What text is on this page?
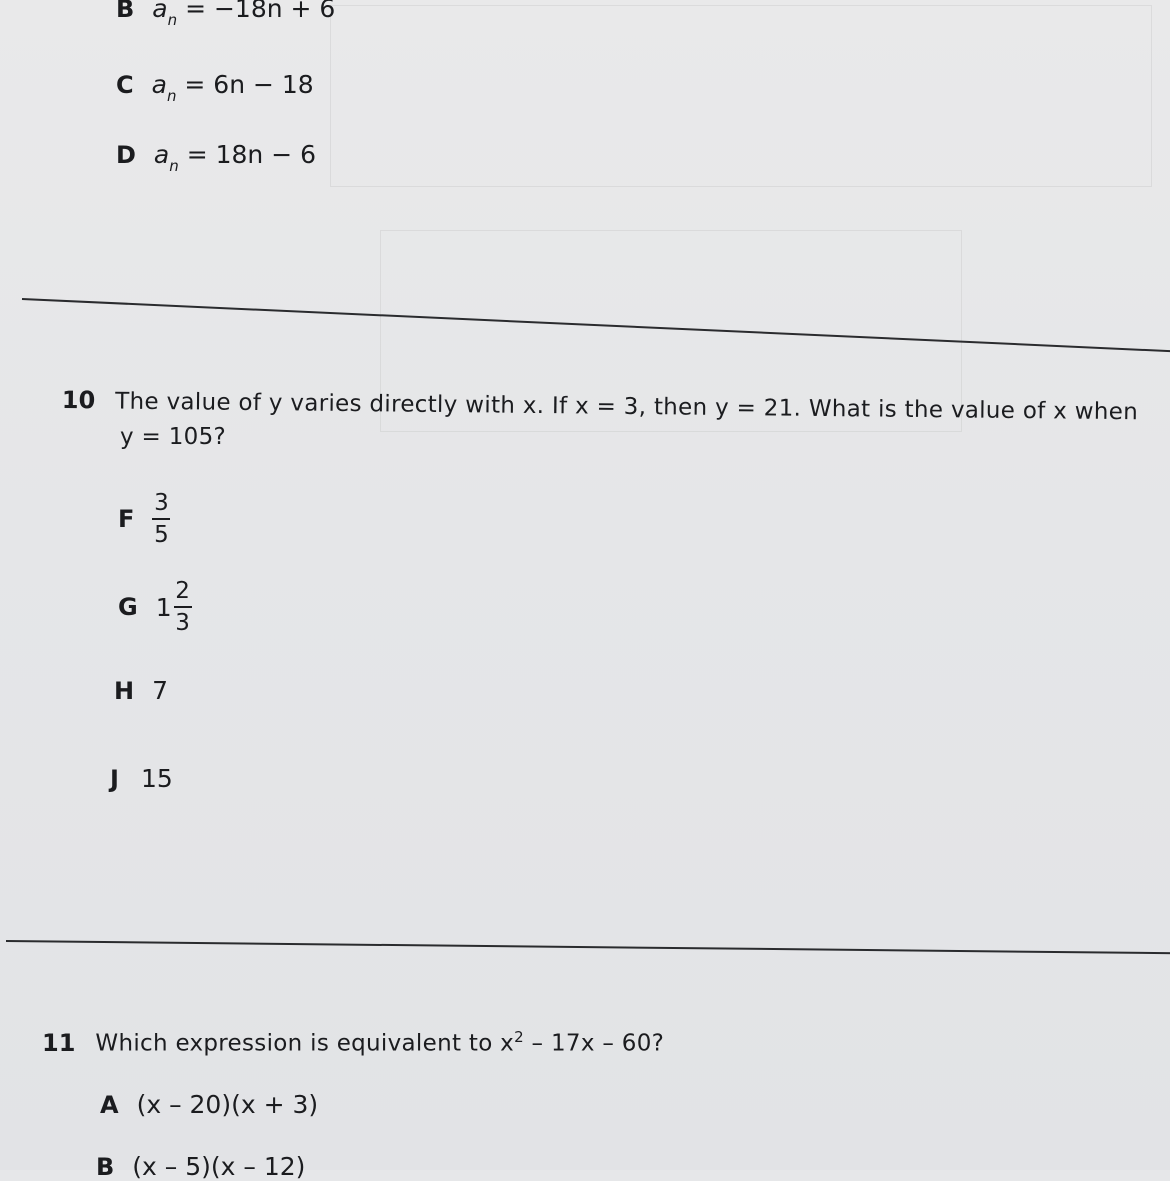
B $a_n = -18n + 6$
C $a_n = 6n - 18$
D $a_n = 18n - 6$
10 The value of y varies directly with x. If x = 3, then y = 21. What is the value of x when
y = 105?
F $\frac{3}{5}$
G $1 \frac{2}{3}$
H 7
J 15
11 Which expression is equivalent to $x^2 - 17x - 60$?
A (x – 20)(x + 3)
B (x – 5)(x – 12)
